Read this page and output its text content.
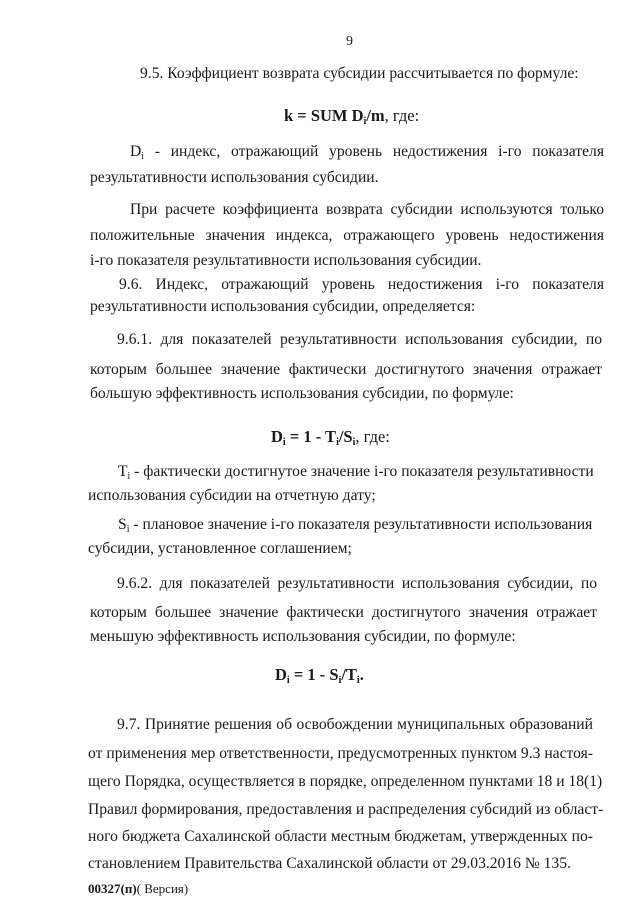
9
9.5. Коэффициент возврата субсидии рассчитывается по формуле:
k = SUM $D_i/m$, где:
$D_i$ - индекс, отражающий уровень недостижения i-го показателя
результативности использования субсидии.
При расчете коэффициента возврата субсидии используются только
положительные значения индекса, отражающего уровень недостижения
i-го показателя результативности использования субсидии.
9.6. Индекс, отражающий уровень недостижения i-го показателя
результативности использования субсидии, определяется:
9.6.1. для показателей результативности использования субсидии, по
которым большее значение фактически достигнутого значения отражает
большую эффективность использования субсидии, по формуле:
$D_i = 1 - T_i/S_i$, где:
$T_i$ - фактически достигнутое значение i-го показателя результативности
использования субсидии на отчетную дату;
$S_i$ - плановое значение i-го показателя результативности использования
субсидии, установленное соглашением;
9.6.2. для показателей результативности использования субсидии, по
которым большее значение фактически достигнутого значения отражает
меньшую эффективность использования субсидии, по формуле:
$D_i = 1 - S_i/T_i$.
9.7. Принятие решения об освобождении муниципальных образований
от применения мер ответственности, предусмотренных пунктом 9.3 настоя-
щего Порядка, осуществляется в порядке, определенном пунктами 18 и 18(1)
Правил формирования, предоставления и распределения субсидий из област-
ного бюджета Сахалинской области местным бюджетам, утвержденных по-
становлением Правительства Сахалинской области от 29.03.2016 № 135.
00327(п)( Версия)
